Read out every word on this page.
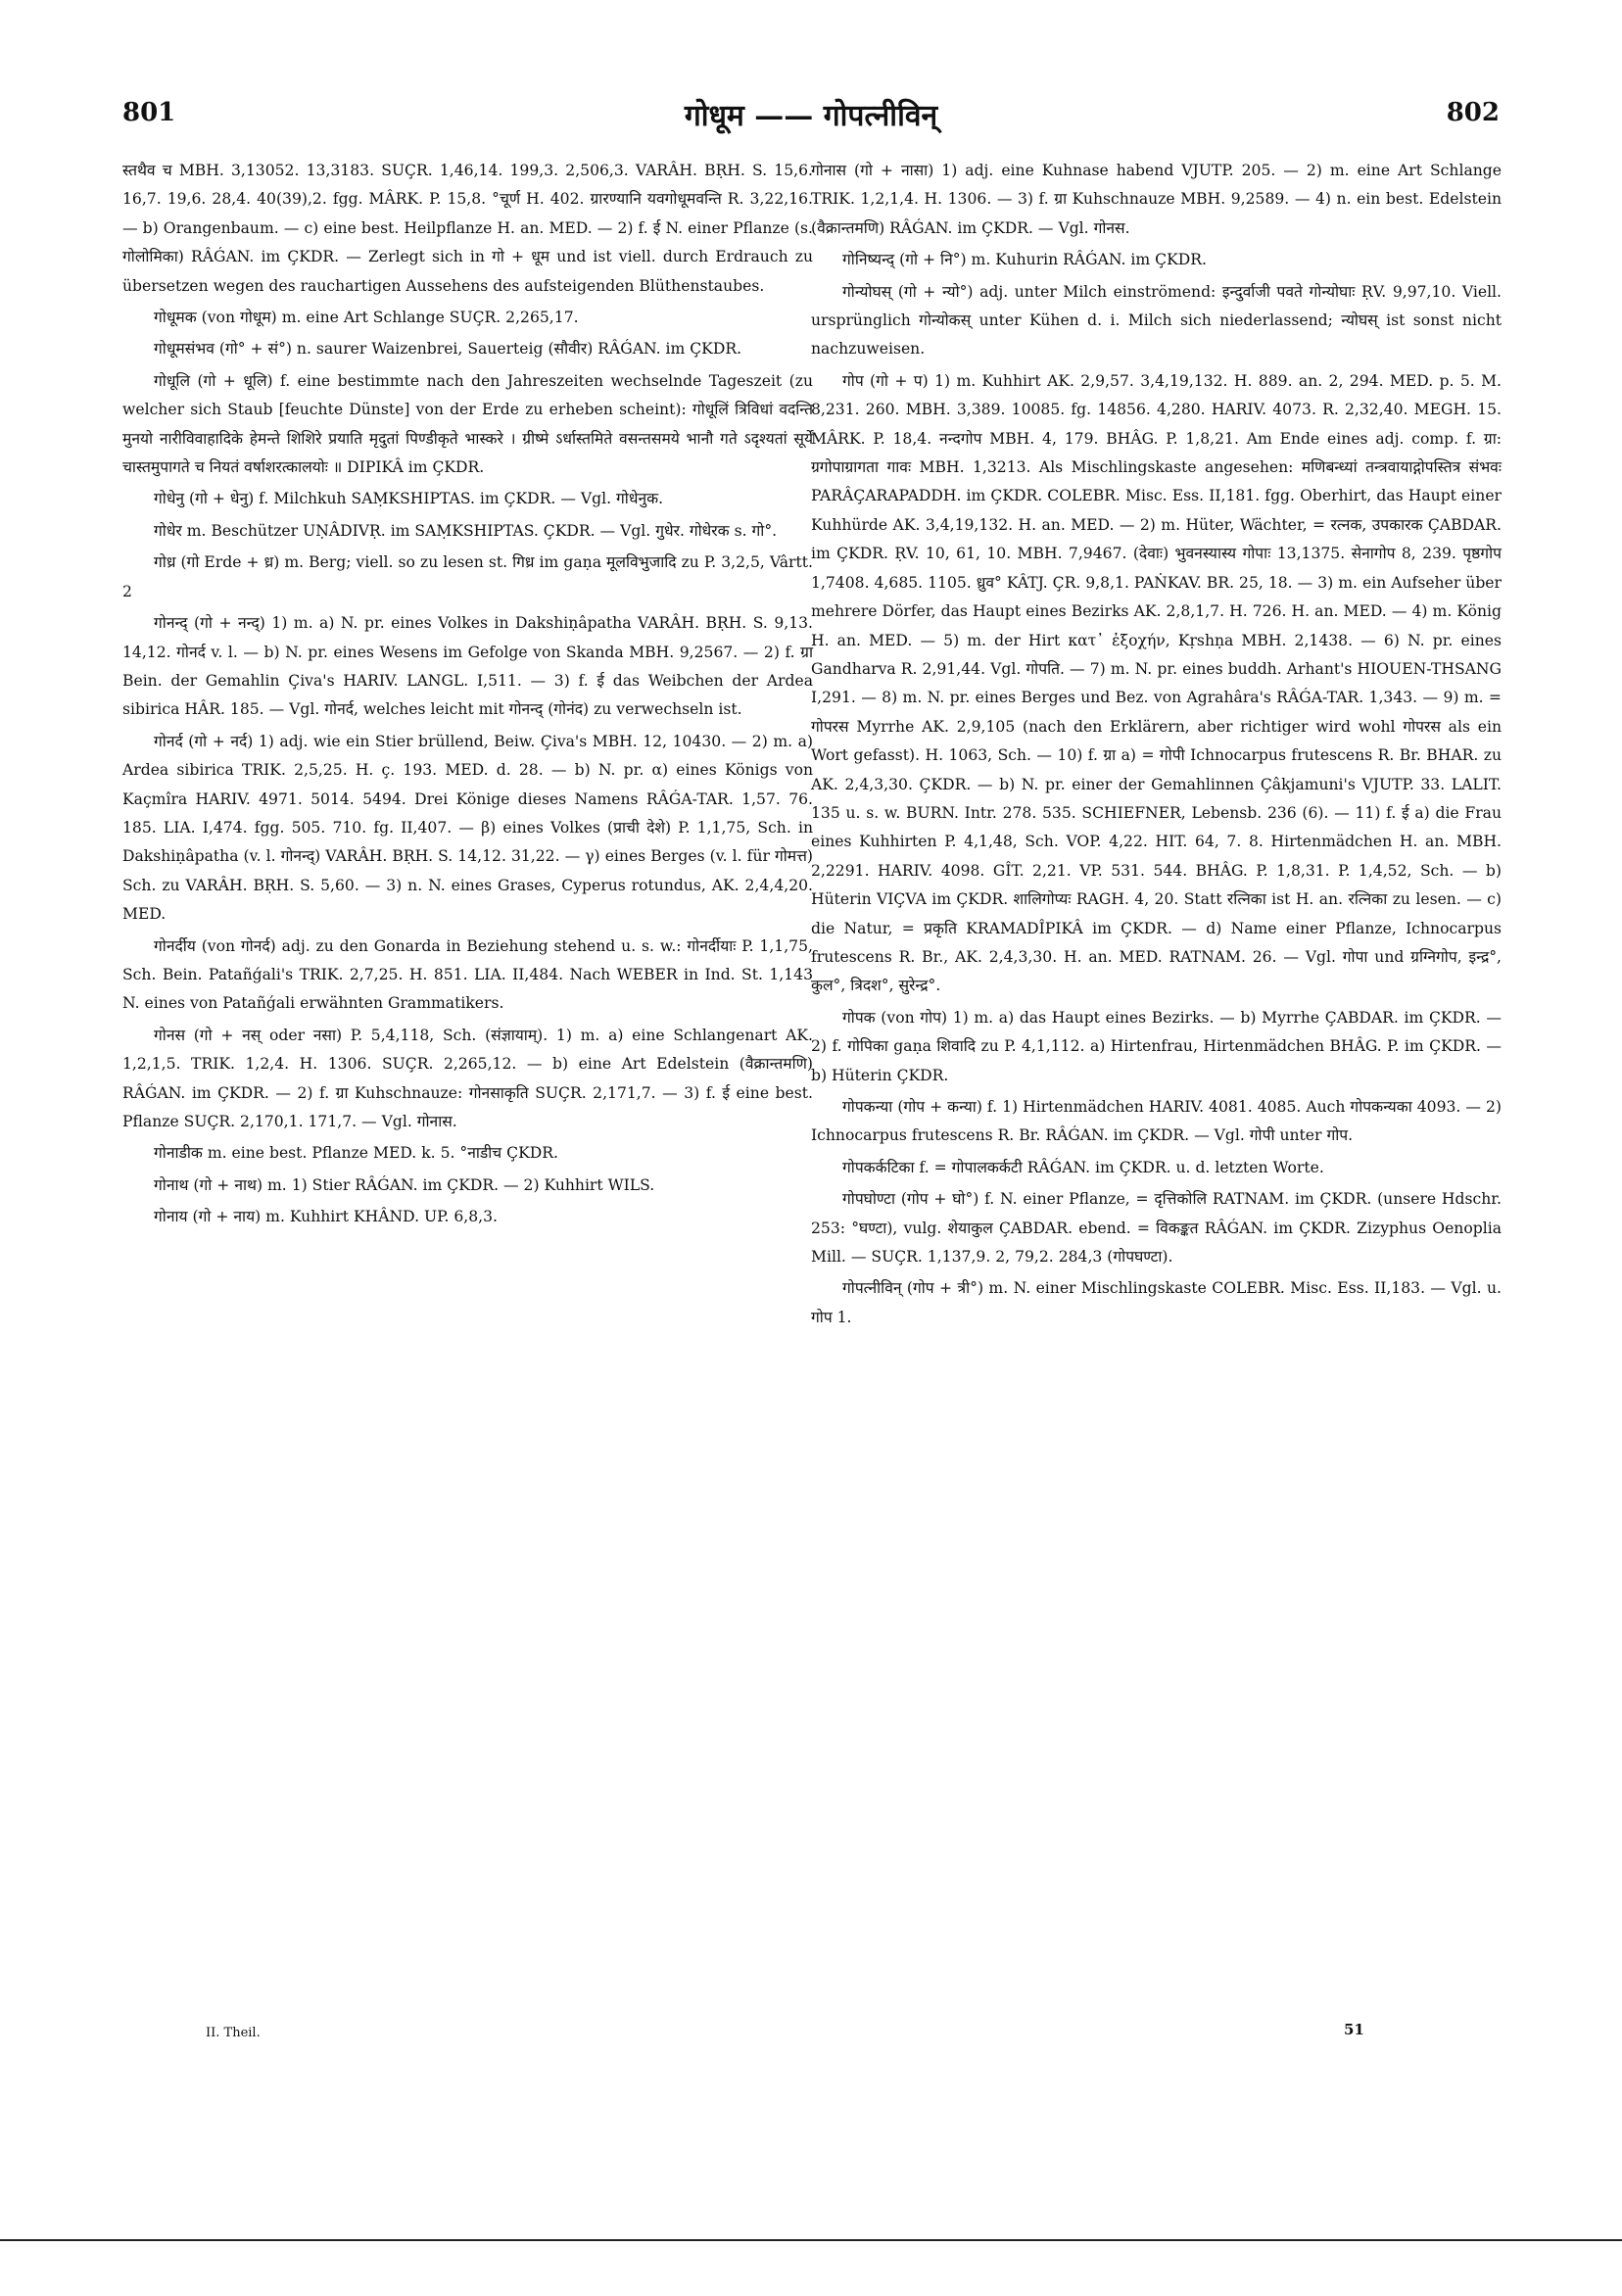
801	गोधूम —— गोपत्नीविन्	802

स्तथैव च MBH. 3,13052. 13,3183. SUÇR. 1,46,14. 199,3. 2,506,3. VARÂH. BṚH. S. 15,6. 16,7. 19,6. 28,4. 40(39),2. fgg. MÂRK. P. 15,8. °चूर्ण H. 402. ग्रारण्यानि यवगोधूमवन्ति R. 3,22,16. — b) Orangenbaum. — c) eine best. Heilpflanze H. an. MED. — 2) f. ई N. einer Pflanze (s. गोलोमिका) RÂǴAN. im ÇKDR. — Zerlegt sich in गो + धूम und ist viell. durch Erdrauch zu übersetzen wegen des rauchartigen Aussehens des aufsteigenden Blüthenstaubes.

गोधूमक (von गोधूम) m. eine Art Schlange SUÇR. 2,265,17.

गोधूमसंभव (गो° + सं°) n. saurer Waizenbrei, Sauerteig (सौवीर) RÂǴAN. im ÇKDR.

गोधूलि (गो + धूलि) f. eine bestimmte nach den Jahreszeiten wechselnde Tageszeit (zu welcher sich Staub [feuchte Dünste] von der Erde zu erheben scheint): गोधूलिं त्रिविधां वदन्ति मुनयो नारीविवाहादिके हेमन्ते शिशिरे प्रयाति मृदुतां पिण्डीकृते भास्करे । ग्रीष्मे ऽर्धास्तमिते वसन्तसमये भानौ गते ऽदृश्यतां सूर्ये चास्तमुपागते च नियतं वर्षाशरत्कालयोः ॥ DIPIKÂ im ÇKDR.

गोधेनु (गो + धेनु) f. Milchkuh SAṂKSHIPTAS. im ÇKDR. — Vgl. गोधेनुक.

गोधेर m. Beschützer UṆÂDIVṚ. im SAṂKSHIPTAS. ÇKDR. — Vgl. गुधेर. गोधेरक s. गो°.

गोध्र (गो Erde + ध्र) m. Berg; viell. so zu lesen st. गिध्र im gaṇa मूलविभुजादि zu P. 3,2,5, Vârtt. 2

गोनन्द् (गो + नन्द्) 1) m. a) N. pr. eines Volkes in Dakshiṇâpatha VARÂH. BṚH. S. 9,13. 14,12. गोनर्द v. l. — b) N. pr. eines Wesens im Gefolge von Skanda MBH. 9,2567. — 2) f. ग्रा Bein. der Gemahlin Çiva's HARIV. LANGL. I,511. — 3) f. ई das Weibchen der Ardea sibirica HÂR. 185. — Vgl. गोनर्द, welches leicht mit गोनन्द् (गोनंद) zu verwechseln ist.

गोनर्द (गो + नर्द) 1) adj. wie ein Stier brüllend, Beiw. Çiva's MBH. 12, 10430. — 2) m. a) Ardea sibirica TRIK. 2,5,25. H. ç. 193. MED. d. 28. — b) N. pr. α) eines Königs von Kaçmîra HARIV. 4971. 5014. 5494. Drei Könige dieses Namens RÂǴA-TAR. 1,57. 76. 185. LIA. I,474. fgg. 505. 710. fg. II,407. — β) eines Volkes (प्राची देशे) P. 1,1,75, Sch. in Dakshiṇâpatha (v. l. गोनन्द्) VARÂH. BṚH. S. 14,12. 31,22. — γ) eines Berges (v. l. für गोमत्त) Sch. zu VARÂH. BṚH. S. 5,60. — 3) n. N. eines Grases, Cyperus rotundus, AK. 2,4,4,20. MED.

गोनर्दीय (von गोनर्द) adj. zu den Gonarda in Beziehung stehend u. s. w.: गोनर्दीयाः P. 1,1,75, Sch. Bein. Patañǵali's TRIK. 2,7,25. H. 851. LIA. II,484. Nach WEBER in Ind. St. 1,143 N. eines von Patañǵali erwähnten Grammatikers.

गोनस (गो + नस् oder नसा) P. 5,4,118, Sch. (संज्ञायाम्). 1) m. a) eine Schlangenart AK. 1,2,1,5. TRIK. 1,2,4. H. 1306. SUÇR. 2,265,12. — b) eine Art Edelstein (वैक्रान्तमणि) RÂǴAN. im ÇKDR. — 2) f. ग्रा Kuhschnauze: गोनसाकृति SUÇR. 2,171,7. — 3) f. ई eine best. Pflanze SUÇR. 2,170,1. 171,7. — Vgl. गोनास.

गोनाडीक m. eine best. Pflanze MED. k. 5. °नाडीच ÇKDR.

गोनाथ (गो + नाथ) m. 1) Stier RÂǴAN. im ÇKDR. — 2) Kuhhirt WILS.

गोनाय (गो + नाय) m. Kuhhirt KHÂND. UP. 6,8,3.

गोनास (गो + नासा) 1) adj. eine Kuhnase habend VJUTP. 205. — 2) m. eine Art Schlange TRIK. 1,2,1,4. H. 1306. — 3) f. ग्रा Kuhschnauze MBH. 9,2589. — 4) n. ein best. Edelstein (वैक्रान्तमणि) RÂǴAN. im ÇKDR. — Vgl. गोनस.

गोनिष्यन्द् (गो + नि°) m. Kuhurin RÂǴAN. im ÇKDR.

गोन्योघस् (गो + न्यो°) adj. unter Milch einströmend: इन्दुर्वाजी पवते गोन्योघाः ṚV. 9,97,10. Viell. ursprünglich गोन्योकस् unter Kühen d. i. Milch sich niederlassend; न्योघस् ist sonst nicht nachzuweisen.

गोप (गो + प) 1) m. Kuhhirt AK. 2,9,57. 3,4,19,132. H. 889. an. 2, 294. MED. p. 5. M. 8,231. 260. MBH. 3,389. 10085. fg. 14856. 4,280. HARIV. 4073. R. 2,32,40. MEGH. 15. MÂRK. P. 18,4. नन्दगोप MBH. 4, 179. BHÂG. P. 1,8,21. Am Ende eines adj. comp. f. ग्रा: ग्रगोपाग्रागता गावः MBH. 1,3213. Als Mischlingskaste angesehen: मणिबन्ध्यां तन्त्रवायाद्गोपस्तित्र संभवः PARÂÇARAPADDH. im ÇKDR. COLEBR. Misc. Ess. II,181. fgg. Oberhirt, das Haupt einer Kuhhürde AK. 3,4,19,132. H. an. MED. — 2) m. Hüter, Wächter, = रत्नक, उपकारक ÇABDAR. im ÇKDR. ṚV. 10, 61, 10. MBH. 7,9467. (देवाः) भुवनस्यास्य गोपाः 13,1375. सेनागोप 8, 239. पृष्ठगोप 1,7408. 4,685. 1105. ध्रुव° KÂTJ. ÇR. 9,8,1. PAṄKAV. BR. 25, 18. — 3) m. ein Aufseher über mehrere Dörfer, das Haupt eines Bezirks AK. 2,8,1,7. H. 726. H. an. MED. — 4) m. König H. an. MED. — 5) m. der Hirt κατ᾽ ἐξοχήν, Kṛshṇa MBH. 2,1438. — 6) N. pr. eines Gandharva R. 2,91,44. Vgl. गोपति. — 7) m. N. pr. eines buddh. Arhant's HIOUEN-THSANG I,291. — 8) m. N. pr. eines Berges und Bez. von Agrahâra's RÂǴA-TAR. 1,343. — 9) m. = गोपरस Myrrhe AK. 2,9,105 (nach den Erklärern, aber richtiger wird wohl गोपरस als ein Wort gefasst). H. 1063, Sch. — 10) f. ग्रा a) = गोपी Ichnocarpus frutescens R. Br. BHAR. zu AK. 2,4,3,30. ÇKDR. — b) N. pr. einer der Gemahlinnen Çâkjamuni's VJUTP. 33. LALIT. 135 u. s. w. BURN. Intr. 278. 535. SCHIEFNER, Lebensb. 236 (6). — 11) f. ई a) die Frau eines Kuhhirten P. 4,1,48, Sch. VOP. 4,22. HIT. 64, 7. 8. Hirtenmädchen H. an. MBH. 2,2291. HARIV. 4098. GÎT. 2,21. VP. 531. 544. BHÂG. P. 1,8,31. P. 1,4,52, Sch. — b) Hüterin VIÇVA im ÇKDR. शालिगोप्यः RAGH. 4, 20. Statt रत्निका ist H. an. रत्निका zu lesen. — c) die Natur, = प्रकृति KRAMADÎPIKÂ im ÇKDR. — d) Name einer Pflanze, Ichnocarpus frutescens R. Br., AK. 2,4,3,30. H. an. MED. RATNAM. 26. — Vgl. गोपा und ग्रग्निगोप, इन्द्र°, कुल°, त्रिदश°, सुरेन्द्र°.

गोपक (von गोप) 1) m. a) das Haupt eines Bezirks. — b) Myrrhe ÇABDAR. im ÇKDR. — 2) f. गोपिका gaṇa शिवादि zu P. 4,1,112. a) Hirtenfrau, Hirtenmädchen BHÂG. P. im ÇKDR. — b) Hüterin ÇKDR.

गोपकन्या (गोप + कन्या) f. 1) Hirtenmädchen HARIV. 4081. 4085. Auch गोपकन्यका 4093. — 2) Ichnocarpus frutescens R. Br. RÂǴAN. im ÇKDR. — Vgl. गोपी unter गोप.

गोपकर्कटिका f. = गोपालकर्कटी RÂǴAN. im ÇKDR. u. d. letzten Worte.

गोपघोण्टा (गोप + घो°) f. N. einer Pflanze, = दृत्तिकोलि RATNAM. im ÇKDR. (unsere Hdschr. 253: °घण्टा), vulg. शेयाकुल ÇABDAR. ebend. = विकङ्कत RÂǴAN. im ÇKDR. Zizyphus Oenoplia Mill. — SUÇR. 1,137,9. 2, 79,2. 284,3 (गोपघण्टा).

गोपत्नीविन् (गोप + त्री°) m. N. einer Mischlingskaste COLEBR. Misc. Ess. II,183. — Vgl. u. गोप 1.

II. Theil.	51
